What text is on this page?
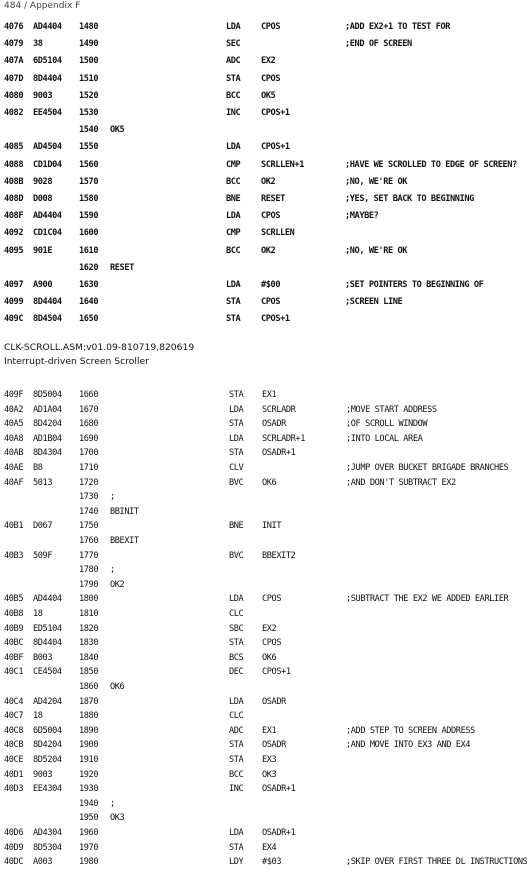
484 / Appendix F
4076 AD4404 1480	LDA CPOS	;ADD EX2+1 TO TEST FOR
4079 38	1490	SEC	;END OF SCREEN
407A 6D5104 1500	ADC EX2
407D 8D4404 1510	STA CPOS
4080 9003	1520	BCC OK5
4082 EE4504 1530	INC CPOS+1
1540 OK5
4085 AD4504 1550	LDA CPOS+1
4088 CD1D04 1560	CMP SCRLLEN+1	;HAVE WE SCROLLED TO EDGE OF SCREEN?
408B 9028	1570	BCC OK2	;NO, WE'RE OK
408D D008	1580	BNE RESET	;YES, SET BACK TO BEGINNING
408F AD4404 1590	LDA CPOS	;MAYBE?
4092 CD1C04 1600	CMP SCRLLEN
4095 901E	1610	BCC OK2	;NO, WE'RE OK
1620 RESET
4097 A900	1630	LDA #$00	;SET POINTERS TO BEGINNING OF
4099 8D4404 1640	STA CPOS	;SCREEN LINE
409C 8D4504 1650	STA CPOS+1
CLK-SCROLL.ASM;v01.09-810719,820619
Interrupt-driven Screen Scroller
409F 8D5004 1660	STA EX1
40A2 AD1A04 1670	LDA SCRLADR	;MOVE START ADDRESS
40A5 8D4204 1680	STA OSADR	;OF SCROLL WINDOW
40A8 AD1B04 1690	LDA SCRLADR+1	;INTO LOCAL AREA
40AB 8D4304 1700	STA OSADR+1
40AE B8	1710	CLV	;JUMP OVER BUCKET BRIGADE BRANCHES
40AF 5013	1720	BVC OK6	;AND DON'T SUBTRACT EX2
1730 ;
1740 BBINIT
40B1 D067	1750	BNE INIT
1760 BBEXIT
40B3 509F	1770	BVC BBEXIT2
1780 ;
1790 OK2
40B5 AD4404 1800	LDA CPOS	;SUBTRACT THE EX2 WE ADDED EARLIER
40B8 18	1810	CLC
40B9 ED5104 1820	SBC EX2
40BC 8D4404 1830	STA CPOS
40BF B003	1840	BCS OK6
40C1 CE4504 1850	DEC CPOS+1
1860 OK6
40C4 AD4204 1870	LDA OSADR
40C7 18	1880	CLC
40C8 6D5004 1890	ADC EX1	;ADD STEP TO SCREEN ADDRESS
40CB 8D4204 1900	STA OSADR	;AND MOVE INTO EX3 AND EX4
40CE 8D5204 1910	STA EX3
40D1 9003	1920	BCC OK3
40D3 EE4304 1930	INC OSADR+1
1940 ;
1950 OK3
40D6 AD4304 1960	LDA OSADR+1
40D9 8D5304 1970	STA EX4
40DC A003	1980	LDY #$03	;SKIP OVER FIRST THREE DL INSTRUCTIONS
